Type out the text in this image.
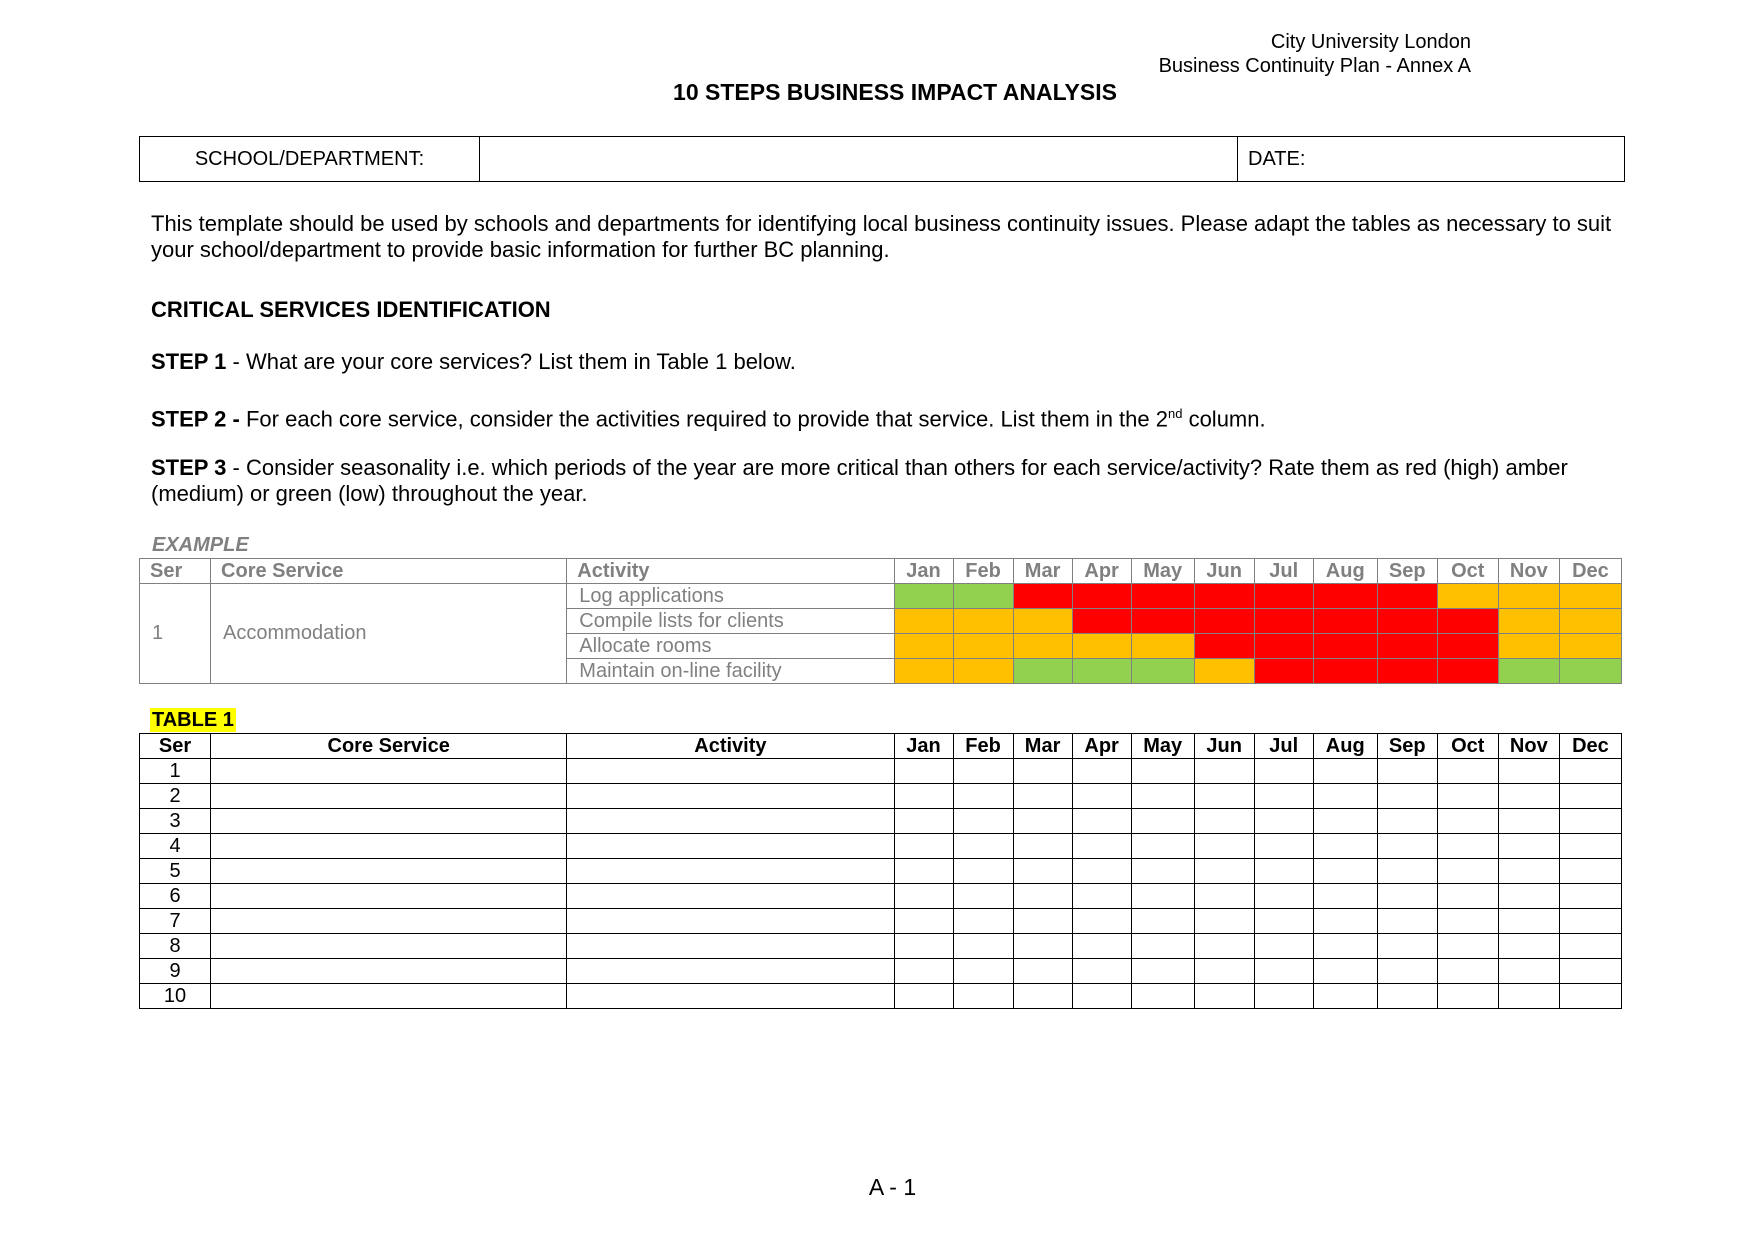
City University London
Business Continuity Plan - Annex A
10 STEPS BUSINESS IMPACT ANALYSIS
SCHOOL/DEPARTMENT:		DATE:
This template should be used by schools and departments for identifying local business continuity issues. Please adapt the tables as necessary to suit your school/department to provide basic information for further BC planning.
CRITICAL SERVICES IDENTIFICATION
STEP 1 - What are your core services? List them in Table 1 below.
STEP 2 - For each core service, consider the activities required to provide that service. List them in the 2nd column.
STEP 3 - Consider seasonality i.e. which periods of the year are more critical than others for each service/activity? Rate them as red (high) amber (medium) or green (low) throughout the year.
EXAMPLE
Ser	Core Service	Activity	Jan	Feb	Mar	Apr	May	Jun	Jul	Aug	Sep	Oct	Nov	Dec
1	Accommodation	Log applications												
		Compile lists for clients												
		Allocate rooms												
		Maintain on-line facility												
TABLE 1
Ser	Core Service	Activity	Jan	Feb	Mar	Apr	May	Jun	Jul	Aug	Sep	Oct	Nov	Dec
1														
2														
3														
4														
5														
6														
7														
8														
9														
10														
A - 1
